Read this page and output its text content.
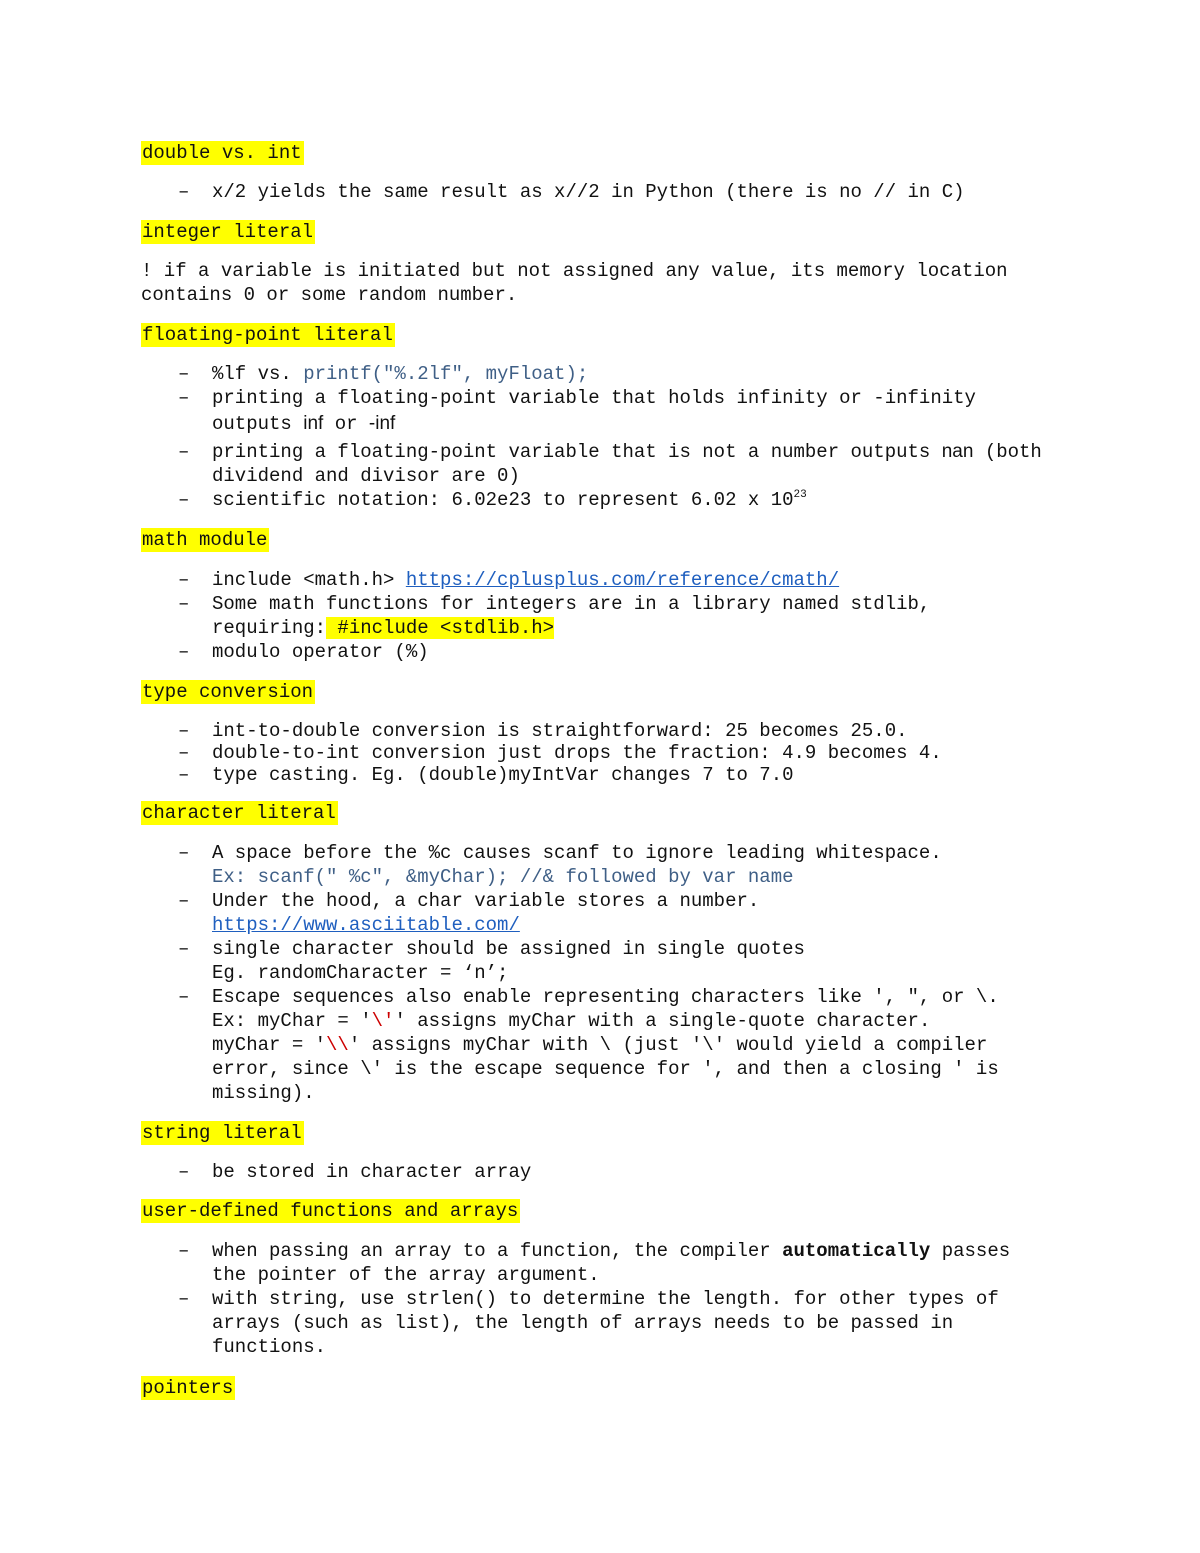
double vs. int
– x/2 yields the same result as x//2 in Python (there is no // in C)
integer literal
! if a variable is initiated but not assigned any value, its memory location
contains 0 or some random number.
floating-point literal
– %lf vs. printf("%.2lf", myFloat);
– printing a floating-point variable that holds infinity or -infinity
outputs inf or -inf
– printing a floating-point variable that is not a number outputs nan (both
dividend and divisor are 0)
– scientific notation: 6.02e23 to represent 6.02 x $10^{23}$
math module
– include <math.h> https://cplusplus.com/reference/cmath/
– Some math functions for integers are in a library named stdlib,
requiring: #include <stdlib.h>
– modulo operator (%)
type conversion
– int-to-double conversion is straightforward: 25 becomes 25.0.
– double-to-int conversion just drops the fraction: 4.9 becomes 4.
– type casting. Eg. (double)myIntVar changes 7 to 7.0
character literal
– A space before the %c causes scanf to ignore leading whitespace.
Ex: scanf(" %c", &myChar); //& followed by var name
– Under the hood, a char variable stores a number.
https://www.asciitable.com/
– single character should be assigned in single quotes
Eg. randomCharacter = ‘n’;
– Escape sequences also enable representing characters like ', ", or \.
Ex: myChar = '\'' assigns myChar with a single-quote character.
myChar = '\\' assigns myChar with \ (just '\' would yield a compiler
error, since \' is the escape sequence for ', and then a closing ' is
missing).
string literal
– be stored in character array
user-defined functions and arrays
– when passing an array to a function, the compiler automatically passes
the pointer of the array argument.
– with string, use strlen() to determine the length. for other types of
arrays (such as list), the length of arrays needs to be passed in
functions.
pointers
